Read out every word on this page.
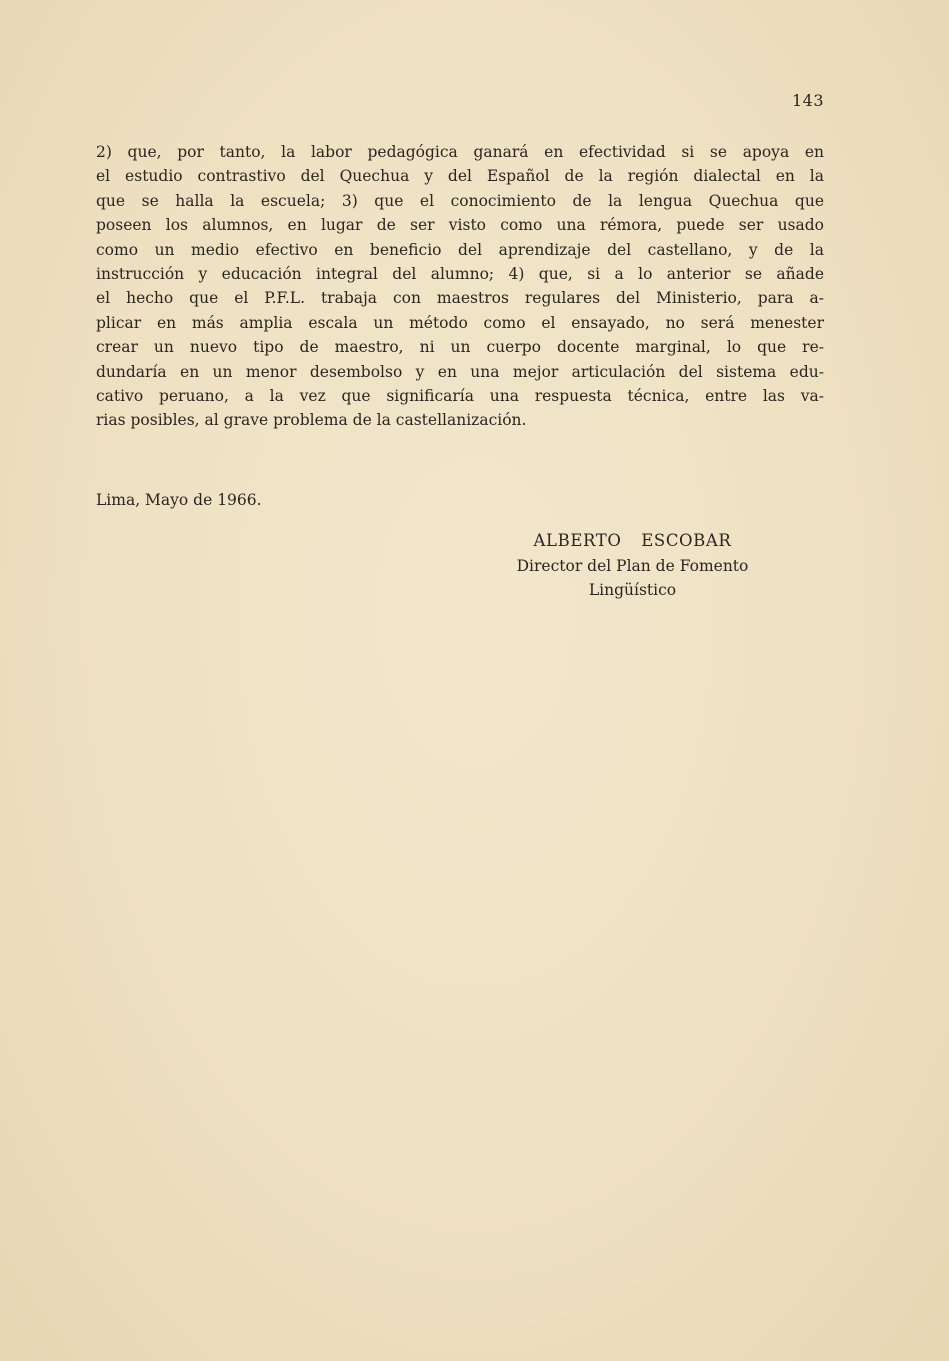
143
2) que, por tanto, la labor pedagógica ganará en efectividad si se apoya en
el estudio contrastivo del Quechua y del Español de la región dialectal en la
que se halla la escuela; 3) que el conocimiento de la lengua Quechua que
poseen los alumnos, en lugar de ser visto como una rémora, puede ser usado
como un medio efectivo en beneficio del aprendizaje del castellano, y de la
instrucción y educación integral del alumno; 4) que, si a lo anterior se añade
el hecho que el P.F.L. trabaja con maestros regulares del Ministerio, para a-
plicar en más amplia escala un método como el ensayado, no será menester
crear un nuevo tipo de maestro, ni un cuerpo docente marginal, lo que re-
dundaría en un menor desembolso y en una mejor articulación del sistema edu-
cativo peruano, a la vez que significaría una respuesta técnica, entre las va-
rias posibles, al grave problema de la castellanización.
Lima, Mayo de 1966.
ALBERTO ESCOBAR
Director del Plan de Fomento
Lingüístico
